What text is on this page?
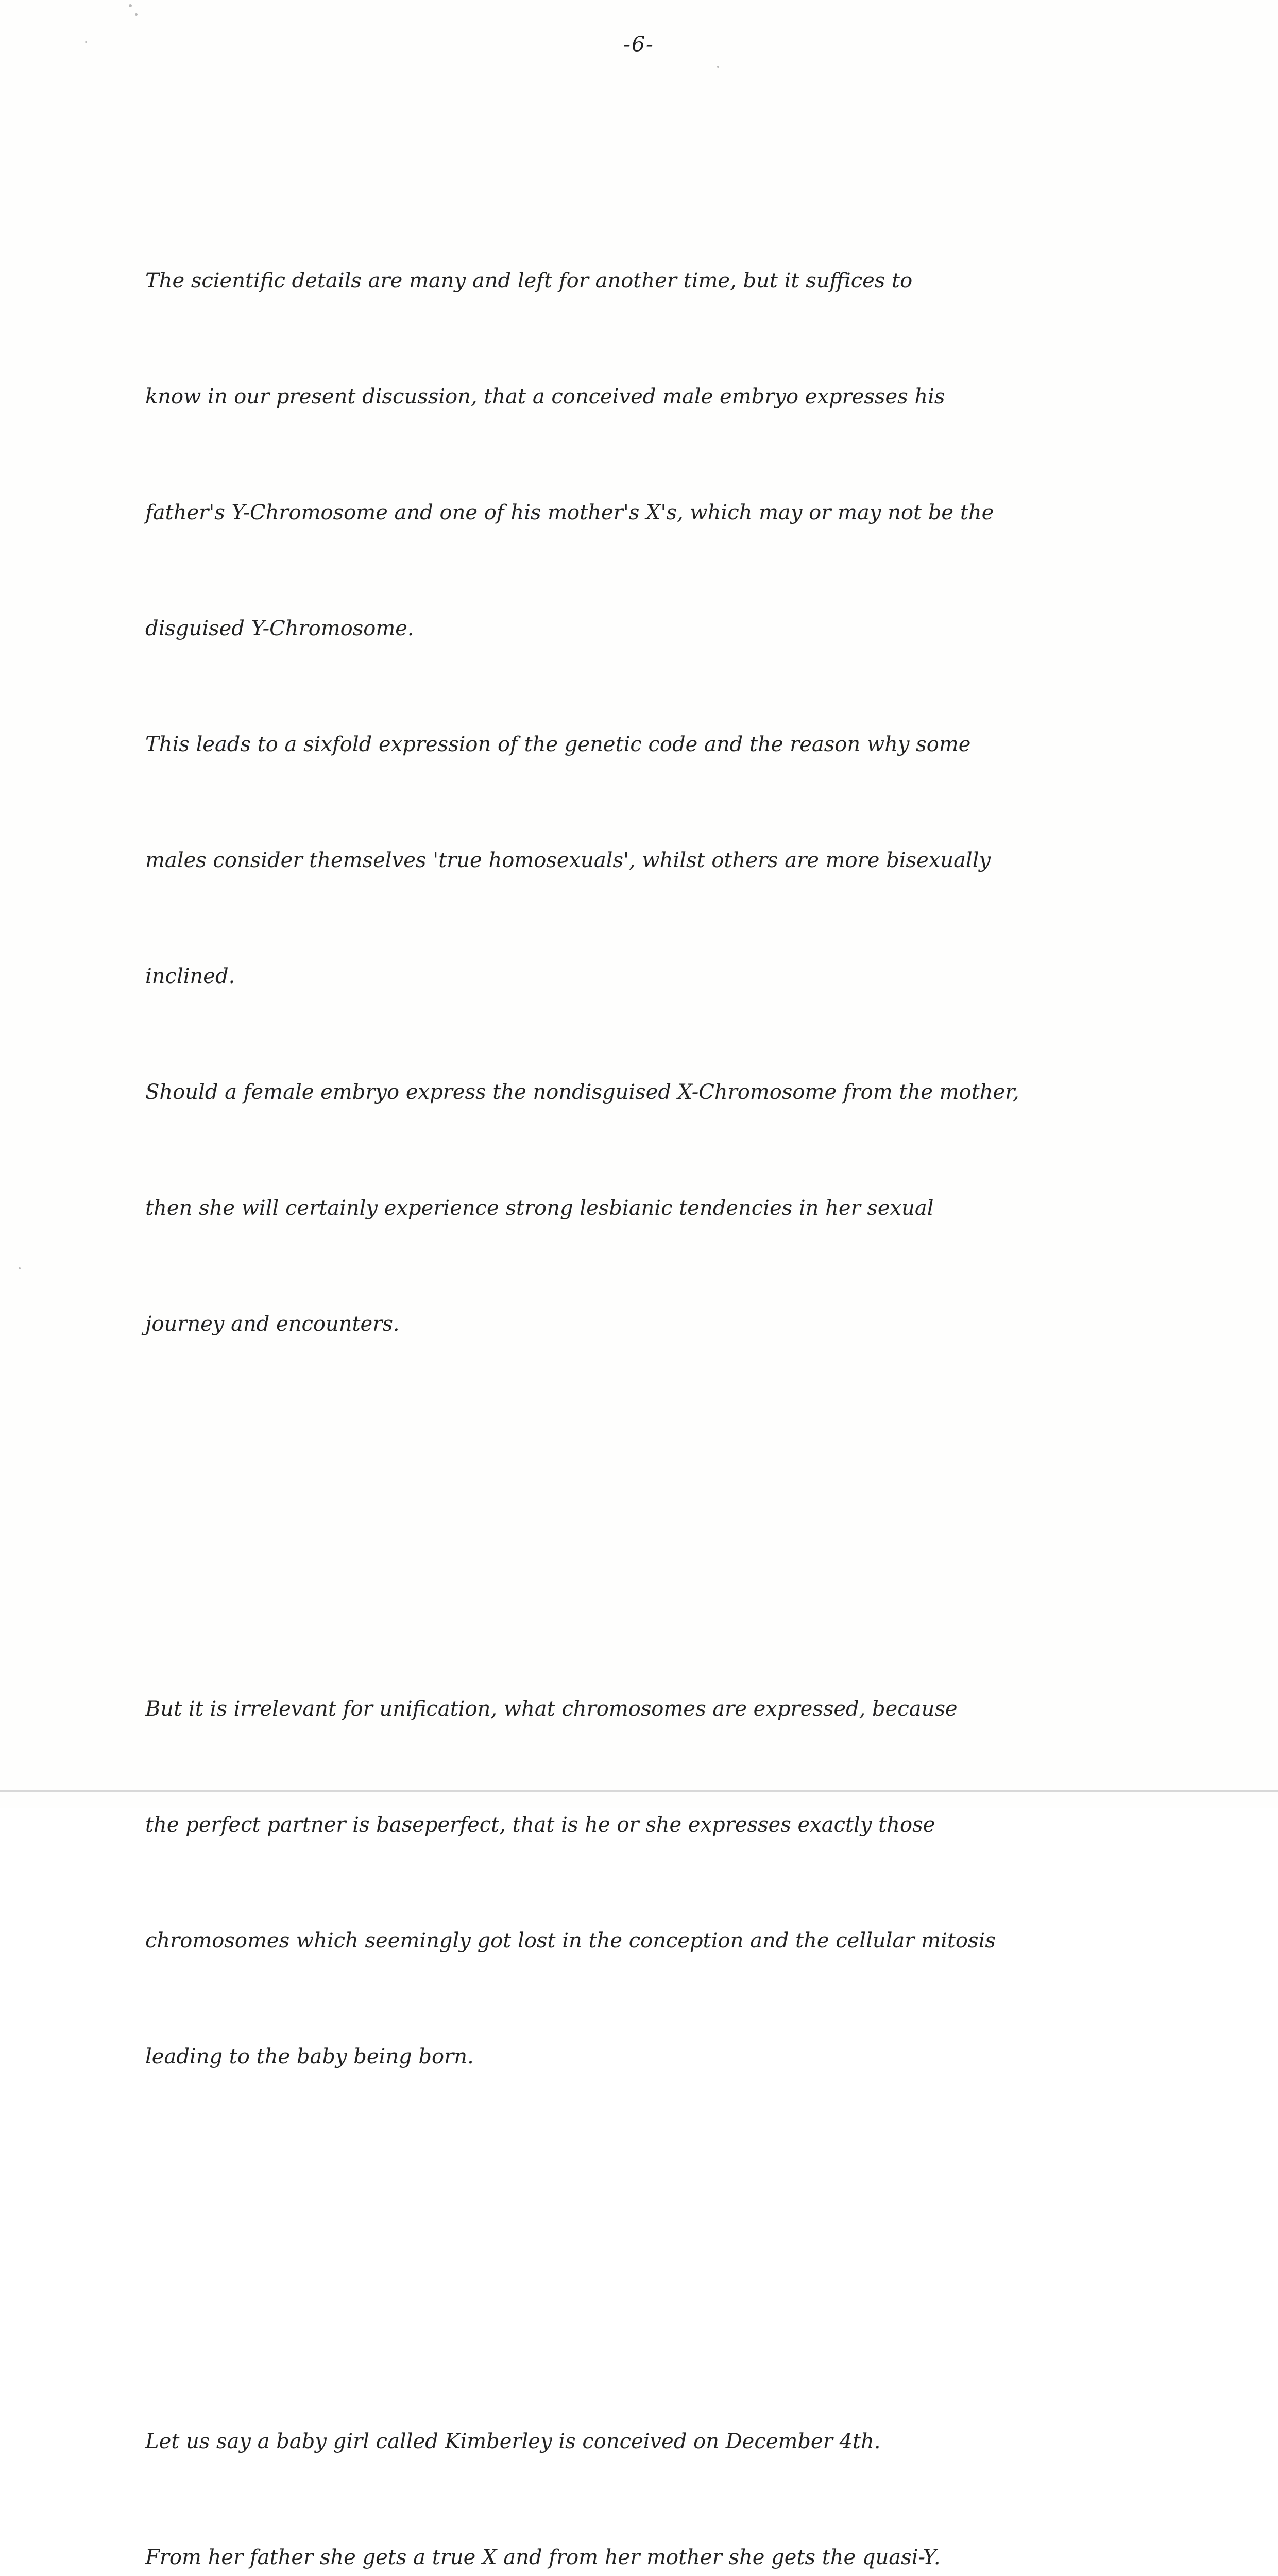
-6-

The scientific details are many and left for another time, but it suffices to

know in our present discussion, that a conceived male embryo expresses his

father's Y-Chromosome and one of his mother's X's, which may or may not be the

disguised Y-Chromosome.

This leads to a sixfold expression of the genetic code and the reason why some

males consider themselves 'true homosexuals', whilst others are more bisexually

inclined.

Should a female embryo express the nondisguised X-Chromosome from the mother,

then she will certainly experience strong lesbianic tendencies in her sexual

journey and encounters.

But it is irrelevant for unification, what chromosomes are expressed, because

the perfect partner is baseperfect, that is he or she expresses exactly those

chromosomes which seemingly got lost in the conception and the cellular mitosis

leading to the baby being born.

Let us say a baby girl called Kimberley is conceived on December 4th.

From her father she gets a true X and from her mother she gets the quasi-Y.
